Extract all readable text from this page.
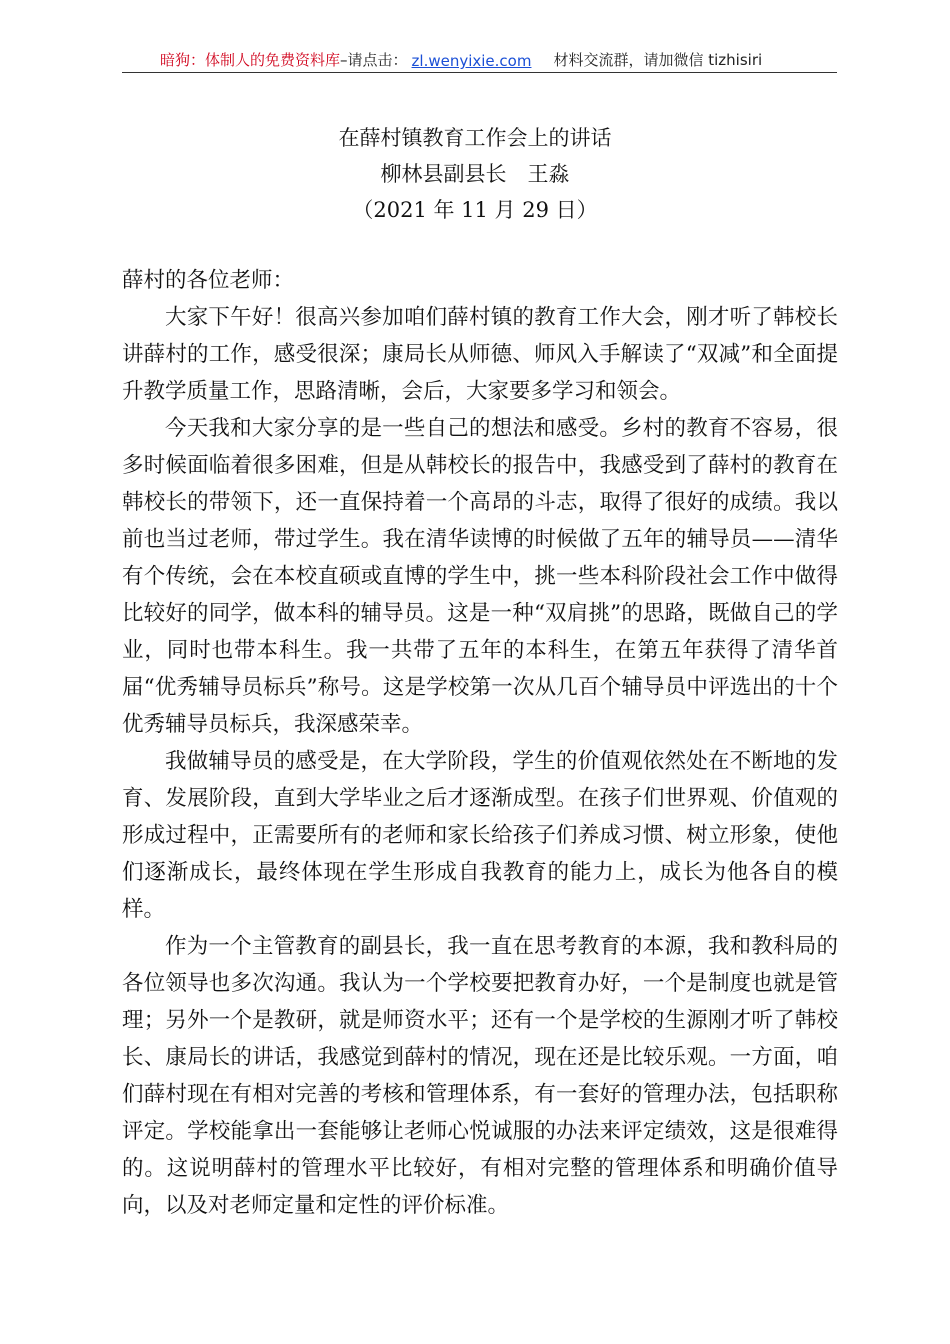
暗狗：体制人的免费资料库 –请点击： zl.wenyixie.com 材料交流群，请加微信 tizhisiri
在薛村镇教育工作会上的讲话
柳林县副县长　王淼
（2021 年 11 月 29 日）

薛村的各位老师：

大家下午好！很高兴参加咱们薛村镇的教育工作大会，刚才听了韩校长讲薛村的工作，感受很深；康局长从师德、师风入手解读了“双减”和全面提升教学质量工作，思路清晰，会后，大家要多学习和领会。

今天我和大家分享的是一些自己的想法和感受。乡村的教育不容易，很多时候面临着很多困难，但是从韩校长的报告中，我感受到了薛村的教育在韩校长的带领下，还一直保持着一个高昂的斗志，取得了很好的成绩。我以前也当过老师，带过学生。我在清华读博的时候做了五年的辅导员——清华有个传统，会在本校直硕或直博的学生中，挑一些本科阶段社会工作中做得比较好的同学，做本科的辅导员。这是一种“双肩挑”的思路，既做自己的学业，同时也带本科生。我一共带了五年的本科生，在第五年获得了清华首届“优秀辅导员标兵”称号。这是学校第一次从几百个辅导员中评选出的十个优秀辅导员标兵，我深感荣幸。

我做辅导员的感受是，在大学阶段，学生的价值观依然处在不断地的发育、发展阶段，直到大学毕业之后才逐渐成型。在孩子们世界观、价值观的形成过程中，正需要所有的老师和家长给孩子们养成习惯、树立形象，使他们逐渐成长，最终体现在学生形成自我教育的能力上，成长为他各自的模样。

作为一个主管教育的副县长，我一直在思考教育的本源，我和教科局的各位领导也多次沟通。我认为一个学校要把教育办好，一个是制度也就是管理；另外一个是教研，就是师资水平；还有一个是学校的生源刚才听了韩校长、康局长的讲话，我感觉到薛村的情况，现在还是比较乐观。一方面，咱们薛村现在有相对完善的考核和管理体系，有一套好的管理办法，包括职称评定。学校能拿出一套能够让老师心悦诚服的办法来评定绩效，这是很难得的。这说明薛村的管理水平比较好，有相对完整的管理体系和明确价值导向，以及对老师定量和定性的评价标准。
